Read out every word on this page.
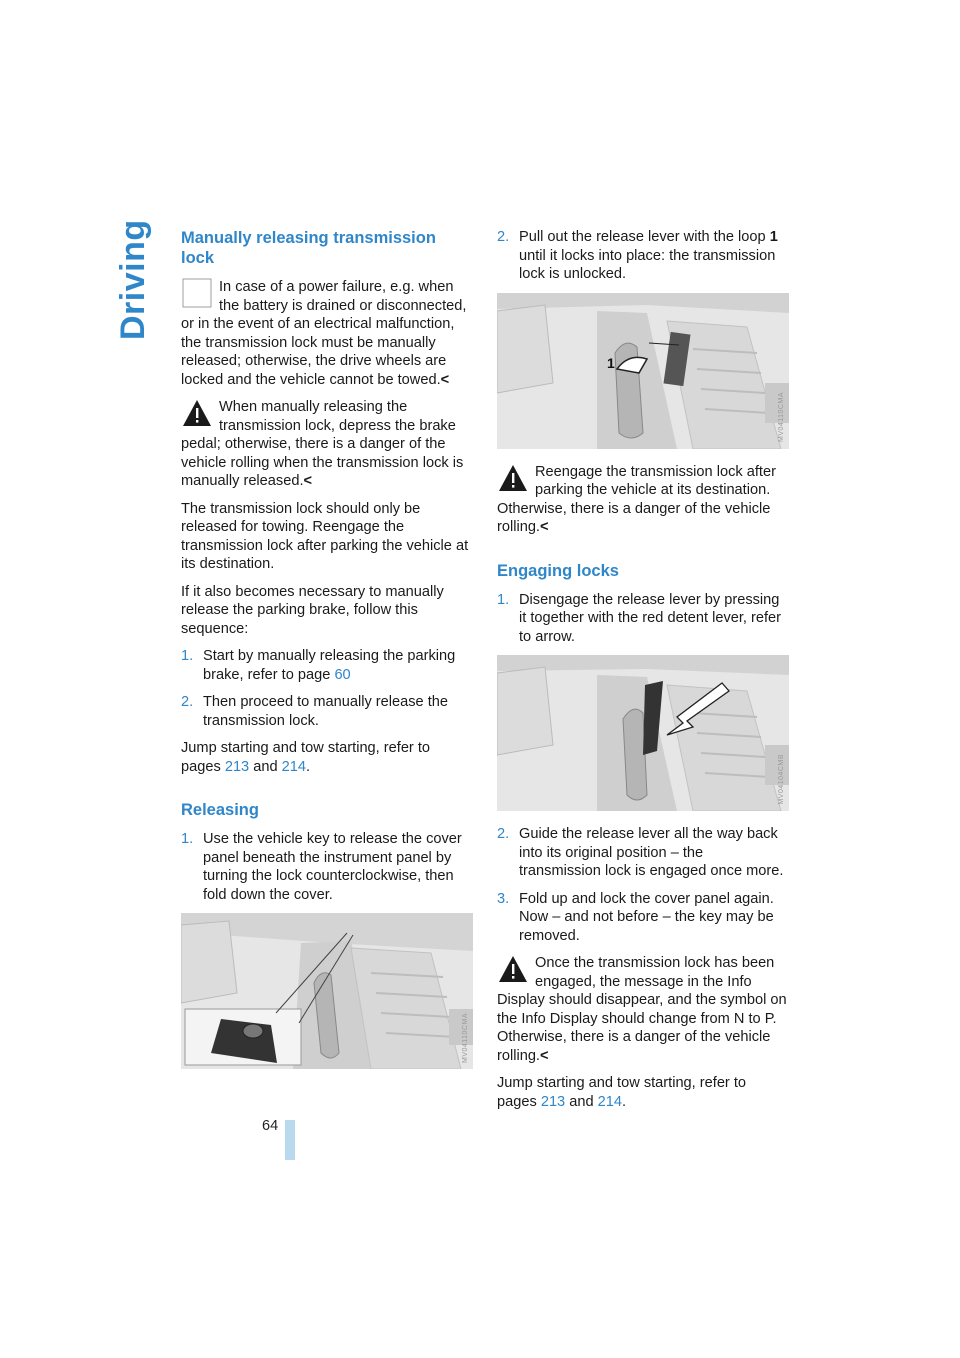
Driving
64
Manually releasing transmission lock

In case of a power failure, e.g. when the battery is drained or disconnected, or in the event of an electrical malfunction, the transmission lock must be manually released; otherwise, the drive wheels are locked and the vehicle cannot be towed.<

When manually releasing the transmission lock, depress the brake pedal; otherwise, there is a danger of the vehicle rolling when the transmission lock is manually released.<

The transmission lock should only be released for towing. Reengage the transmission lock after parking the vehicle at its destination.

If it also becomes necessary to manually release the parking brake, follow this sequence:

1. Start by manually releasing the parking brake, refer to page 60

2. Then proceed to manually release the transmission lock.

Jump starting and tow starting, refer to pages 213 and 214.

Releasing

1. Use the vehicle key to release the cover panel beneath the instrument panel by turning the lock counterclockwise, then fold down the cover.

MV04110CMA

2. Pull out the release lever with the loop 1 until it locks into place: the transmission lock is unlocked.

1
MV04110CMA

Reengage the transmission lock after parking the vehicle at its destination. Otherwise, there is a danger of the vehicle rolling.<

Engaging locks

1. Disengage the release lever by pressing it together with the red detent lever, refer to arrow.

MV04104CMB

2. Guide the release lever all the way back into its original position – the transmission lock is engaged once more.

3. Fold up and lock the cover panel again. Now – and not before – the key may be removed.

Once the transmission lock has been engaged, the message in the Info Display should disappear, and the symbol on the Info Display should change from N to P. Otherwise, there is a danger of the vehicle rolling.<

Jump starting and tow starting, refer to pages 213 and 214.
